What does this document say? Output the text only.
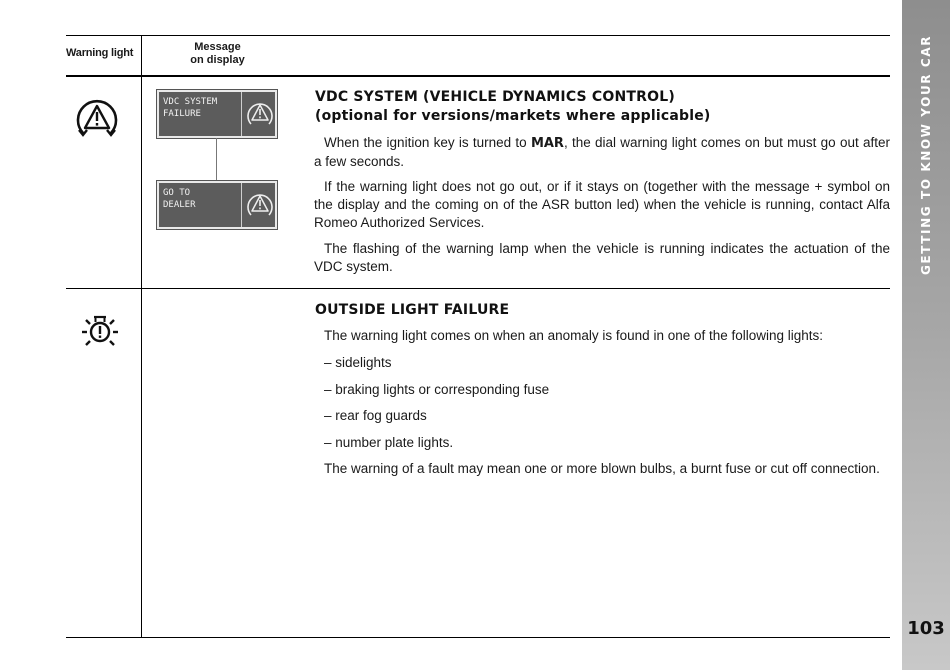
Warning light	Message
on display
VDC SYSTEM
FAILURE
GO TO
DEALER
VDC SYSTEM (VEHICLE DYNAMICS CONTROL)
(optional for versions/markets where applicable)
When the ignition key is turned to MAR, the dial warning light comes on but must go out after a few seconds.
If the warning light does not go out, or if it stays on (together with the message + symbol on the display and the coming on of the ASR button led) when the vehicle is running, contact Alfa Romeo Authorized Services.
The flashing of the warning lamp when the vehicle is running indicates the actuation of the VDC system.
OUTSIDE LIGHT FAILURE
The warning light comes on when an anomaly is found in one of the following lights:
– sidelights
– braking lights or corresponding fuse
– rear fog guards
– number plate lights.
The warning of a fault may mean one or more blown bulbs, a burnt fuse or cut off connection.
GETTING TO KNOW YOUR CAR
103
